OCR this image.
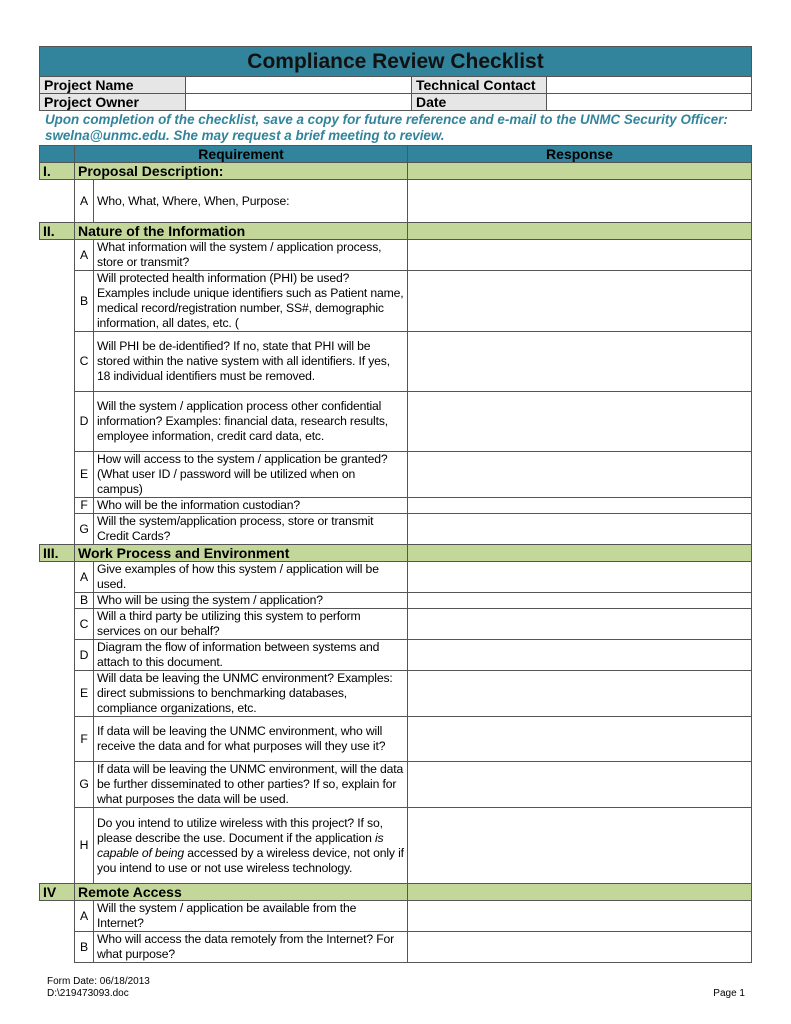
Compliance Review Checklist			
Project Name		Technical Contact	
Project Owner		Date	
Upon completion of the checklist, save a copy for future reference and e-mail to the UNMC Security Officer: swelna@unmc.edu. She may request a brief meeting to review.
	Requirement		Response
I.	Proposal Description:		
	A	Who, What, Where, When, Purpose:	
II.	Nature of the Information		
	A	What information will the system / application process, store or transmit?	
	B	Will protected health information (PHI) be used? Examples include unique identifiers such as Patient name, medical record/registration number, SS#, demographic information, all dates, etc. (	
	C	Will PHI be de-identified? If no, state that PHI will be stored within the native system with all identifiers. If yes, 18 individual identifiers must be removed.	
	D	Will the system / application process other confidential information? Examples: financial data, research results, employee information, credit card data, etc.	
	E	How will access to the system / application be granted? (What user ID / password will be utilized when on campus)	
	F	Who will be the information custodian?	
	G	Will the system/application process, store or transmit Credit Cards?	
III.	Work Process and Environment		
	A	Give examples of how this system / application will be used.	
	B	Who will be using the system / application?	
	C	Will a third party be utilizing this system to perform services on our behalf?	
	D	Diagram the flow of information between systems and attach to this document.	
	E	Will data be leaving the UNMC environment? Examples: direct submissions to benchmarking databases, compliance organizations, etc.	
	F	If data will be leaving the UNMC environment, who will receive the data and for what purposes will they use it?	
	G	If data will be leaving the UNMC environment, will the data be further disseminated to other parties? If so, explain for what purposes the data will be used.	
	H	Do you intend to utilize wireless with this project? If so, please describe the use. Document if the application is capable of being accessed by a wireless device, not only if you intend to use or not use wireless technology.	
IV	Remote Access		
	A	Will the system / application be available from the Internet?	
	B	Who will access the data remotely from the Internet? For what purpose?	
Form Date: 06/18/2013
D:\219473093.doc	Page 1
